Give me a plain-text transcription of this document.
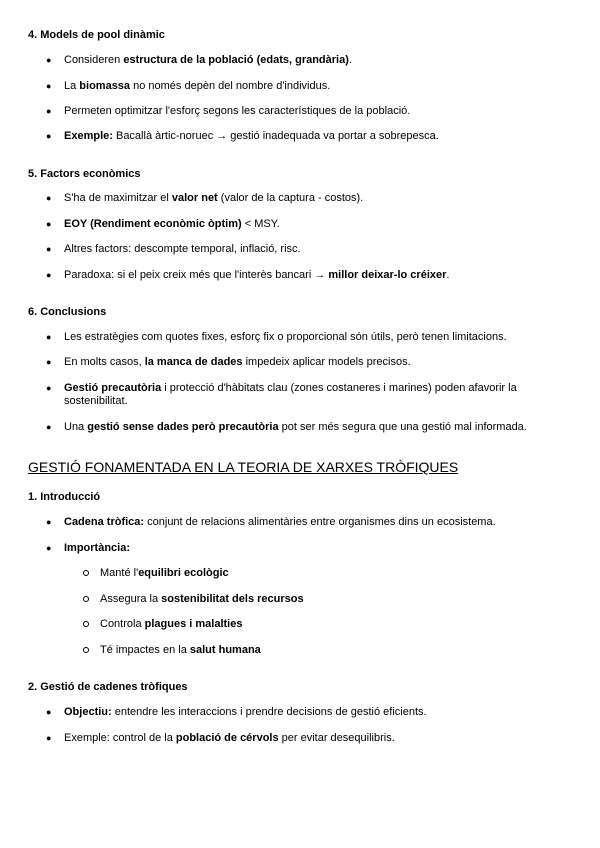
4. Models de pool dinàmic
● Consideren estructura de la població (edats, grandària).
● La biomassa no només depèn del nombre d'individus.
● Permeten optimitzar l'esforç segons les característiques de la població.
● Exemple: Bacallà àrtic-noruec → gestió inadequada va portar a sobrepesca.
5. Factors econòmics
● S'ha de maximitzar el valor net (valor de la captura - costos).
● EOY (Rendiment econòmic òptim) < MSY.
● Altres factors: descompte temporal, inflació, risc.
● Paradoxa: si el peix creix més que l'interès bancari → millor deixar-lo créixer.
6. Conclusions
● Les estratègies com quotes fixes, esforç fix o proporcional són útils, però tenen limitacions.
● En molts casos, la manca de dades impedeix aplicar models precisos.
● Gestió precautòria i protecció d'hàbitats clau (zones costaneres i marines) poden afavorir la sostenibilitat.
● Una gestió sense dades però precautòria pot ser més segura que una gestió mal informada.
GESTIÓ FONAMENTADA EN LA TEORIA DE XARXES TRÒFIQUES
1. Introducció
● Cadena tròfica: conjunt de relacions alimentàries entre organismes dins un ecosistema.
● Importància:
Manté l'equilibri ecològic
Assegura la sostenibilitat dels recursos
Controla plagues i malalties
Té impactes en la salut humana
2. Gestió de cadenes tròfiques
● Objectiu: entendre les interaccions i prendre decisions de gestió eficients.
● Exemple: control de la població de cérvols per evitar desequilibris.
